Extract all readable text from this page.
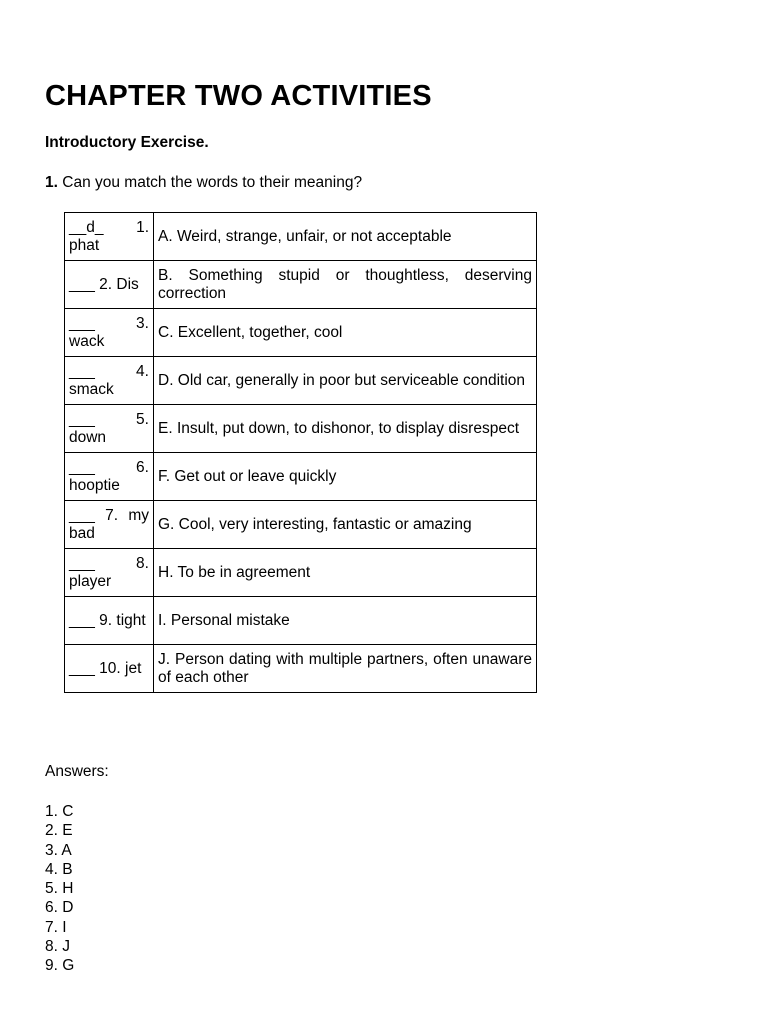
CHAPTER TWO ACTIVITIES
Introductory Exercise.
1. Can you match the words to their meaning?
__d_ 1. phat	A. Weird, strange, unfair, or not acceptable
___ 2. Dis	B. Something stupid or thoughtless, deserving correction
___ 3. wack	C. Excellent, together, cool
___ 4. smack	D. Old car, generally in poor but serviceable condition
___ 5. down	E. Insult, put down, to dishonor, to display disrespect
___ 6. hooptie	F. Get out or leave quickly
___ 7. my bad	G. Cool, very interesting, fantastic or amazing
___ 8. player	H. To be in agreement
___ 9. tight	I. Personal mistake
___ 10. jet	J. Person dating with multiple partners, often unaware of each other
Answers:
1. C
2. E
3. A
4. B
5. H
6. D
7. I
8. J
9. G
